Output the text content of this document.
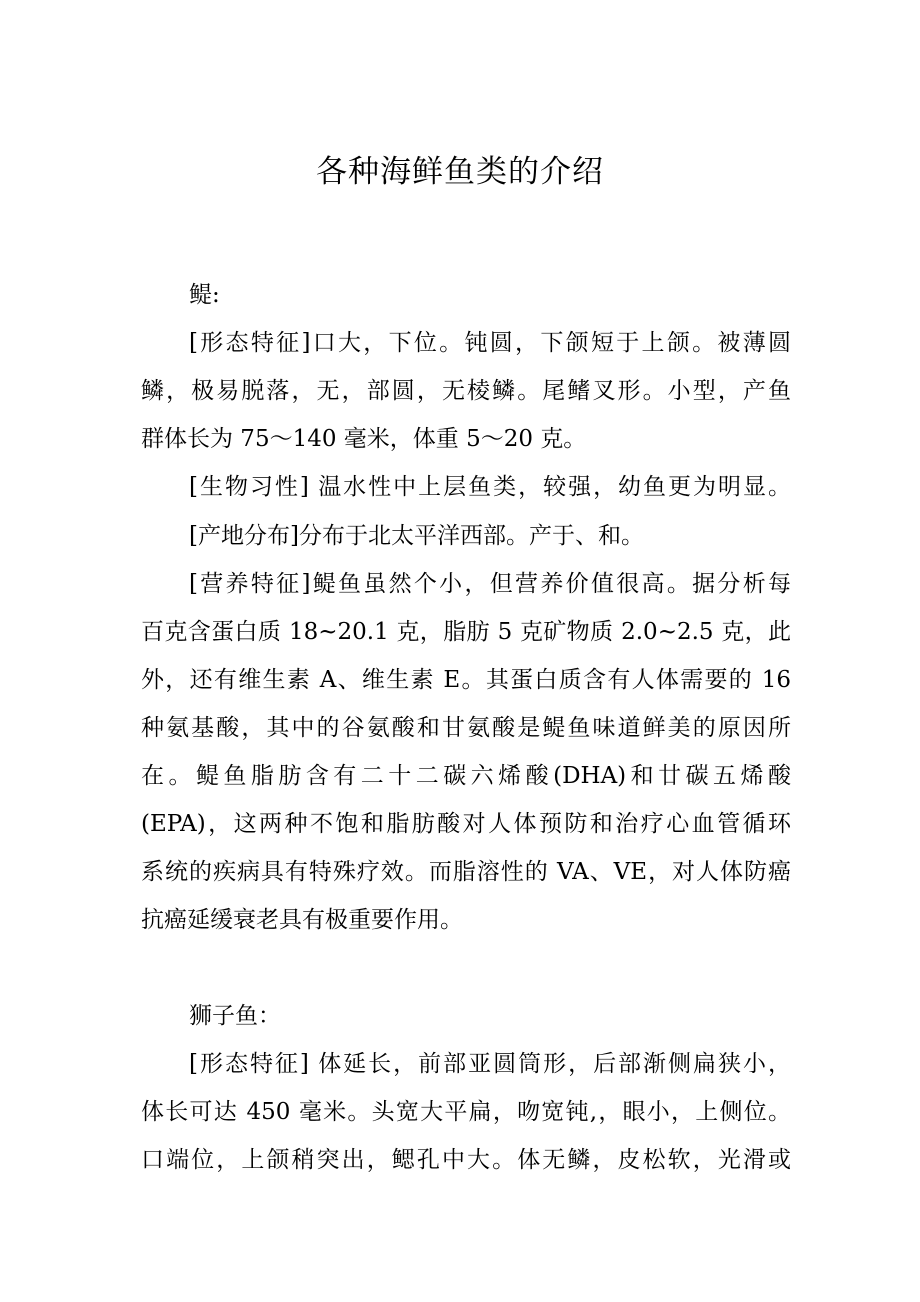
各种海鲜鱼类的介绍
鳀:
[形态特征]口大，下位。钝圆，下颌短于上颌。被薄圆
鳞，极易脱落，无，部圆，无棱鳞。尾鳍叉形。小型，产鱼
群体长为 75～140 毫米，体重 5～20 克。
[生物习性] 温水性中上层鱼类，较强，幼鱼更为明显。
[产地分布]分布于北太平洋西部。产于、和。
[营养特征]鳀鱼虽然个小，但营养价值很高。据分析每
百克含蛋白质 18~20.1 克，脂肪 5 克矿物质 2.0~2.5 克，此
外，还有维生素 A、维生素 E。其蛋白质含有人体需要的 16
种氨基酸，其中的谷氨酸和甘氨酸是鳀鱼味道鲜美的原因所
在。鳀鱼脂肪含有二十二碳六烯酸(DHA)和廿碳五烯酸
(EPA)，这两种不饱和脂肪酸对人体预防和治疗心血管循环
系统的疾病具有特殊疗效。而脂溶性的 VA、VE，对人体防癌
抗癌延缓衰老具有极重要作用。
狮子鱼：
[形态特征] 体延长，前部亚圆筒形，后部渐侧扁狭小，
体长可达 450 毫米。头宽大平扁，吻宽钝,，眼小，上侧位。
口端位，上颌稍突出，鳃孔中大。体无鳞，皮松软，光滑或
